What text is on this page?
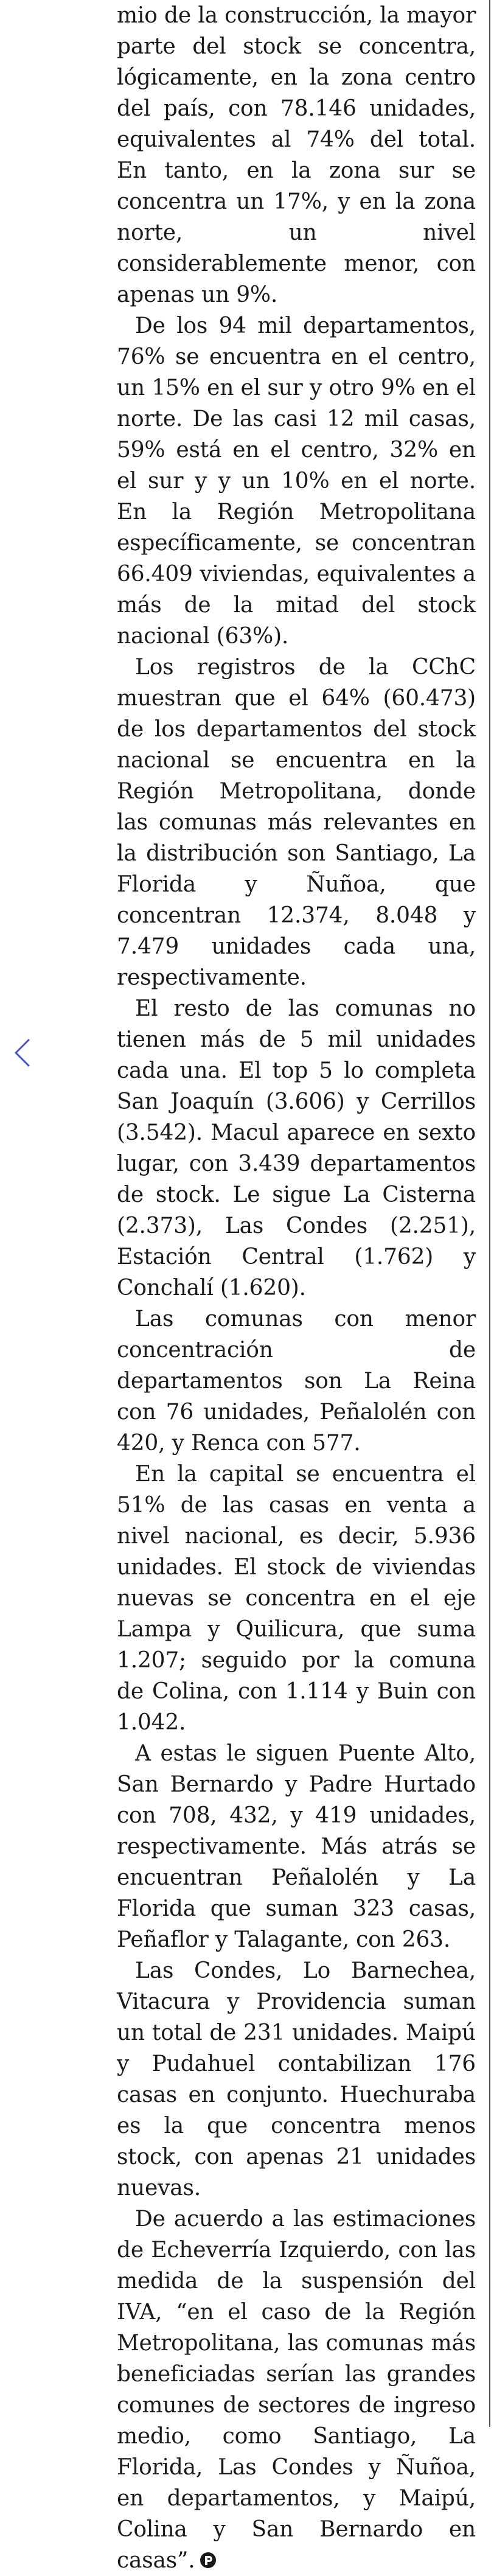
mio de la construcción, la mayor parte del stock se concentra, lógicamente, en la zona centro del país, con 78.146 unidades, equivalentes al 74% del total. En tanto, en la zona sur se concentra un 17%, y en la zona norte, un nivel considerablemente menor, con apenas un 9%.

De los 94 mil departamentos, 76% se encuentra en el centro, un 15% en el sur y otro 9% en el norte. De las casi 12 mil casas, 59% está en el centro, 32% en el sur y y un 10% en el norte. En la Región Metropolitana específicamente, se concentran 66.409 viviendas, equivalentes a más de la mitad del stock nacional (63%).

Los registros de la CChC muestran que el 64% (60.473) de los departamentos del stock nacional se encuentra en la Región Metropolitana, donde las comunas más relevantes en la distribución son Santiago, La Florida y Ñuñoa, que concentran 12.374, 8.048 y 7.479 unidades cada una, respectivamente.

El resto de las comunas no tienen más de 5 mil unidades cada una. El top 5 lo completa San Joaquín (3.606) y Cerrillos (3.542). Macul aparece en sexto lugar, con 3.439 departamentos de stock. Le sigue La Cisterna (2.373), Las Condes (2.251), Estación Central (1.762) y Conchalí (1.620).

Las comunas con menor concentración de departamentos son La Reina con 76 unidades, Peñalolén con 420, y Renca con 577.

En la capital se encuentra el 51% de las casas en venta a nivel nacional, es decir, 5.936 unidades. El stock de viviendas nuevas se concentra en el eje Lampa y Quilicura, que suma 1.207; seguido por la comuna de Colina, con 1.114 y Buin con 1.042.

A estas le siguen Puente Alto, San Bernardo y Padre Hurtado con 708, 432, y 419 unidades, respectivamente. Más atrás se encuentran Peñalolén y La Florida que suman 323 casas, Peñaflor y Talagante, con 263.

Las Condes, Lo Barnechea, Vitacura y Providencia suman un total de 231 unidades. Maipú y Pudahuel contabilizan 176 casas en conjunto. Huechuraba es la que concentra menos stock, con apenas 21 unidades nuevas.

De acuerdo a las estimaciones de Echeverría Izquierdo, con las medida de la suspensión del IVA, “en el caso de la Región Metropolitana, las comunas más beneficiadas serían las grandes comunes de sectores de ingreso medio, como Santiago, La Florida, Las Condes y Ñuñoa, en departamentos, y Maipú, Colina y San Bernardo en casas”.
